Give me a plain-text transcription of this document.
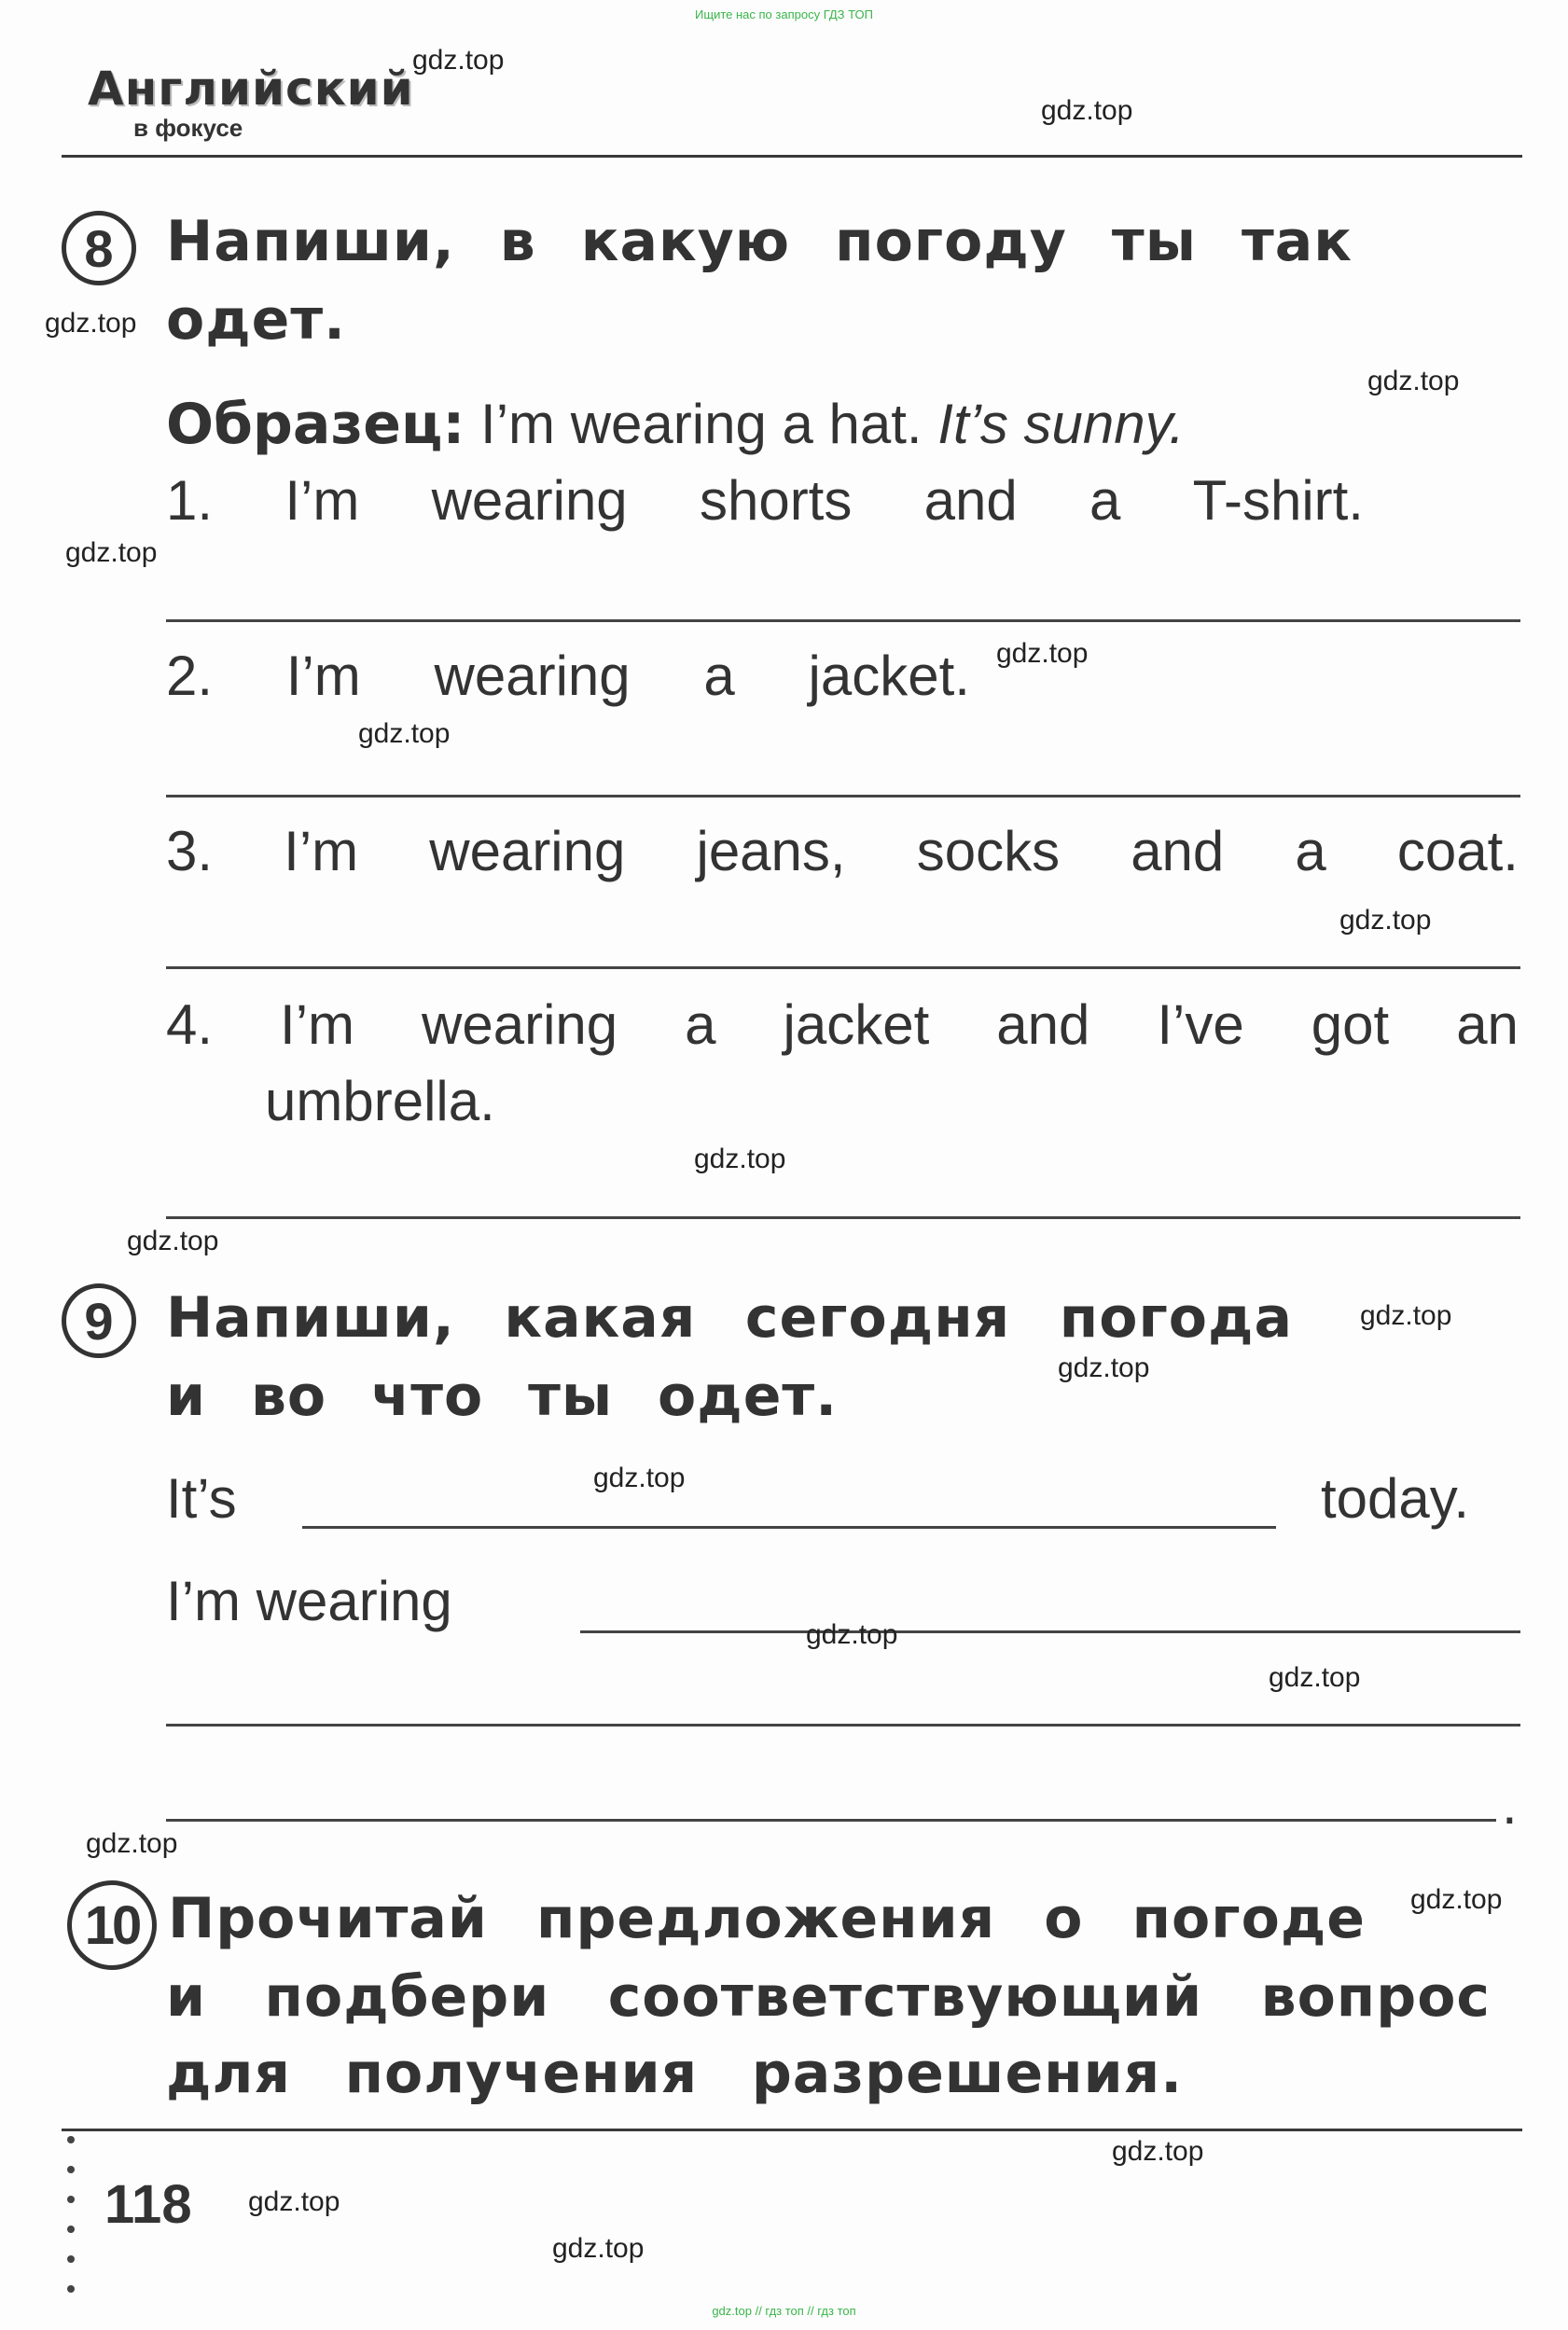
Ищите нас по запросу ГДЗ ТОП
Английский
в фокусе
8 Напиши, в какую погоду ты так
одет.
Образец: I’m wearing a hat. It’s sunny.
1. I’m wearing shorts and a T-shirt.
2. I’m wearing a jacket.
3. I’m wearing jeans, socks and a coat.
4. I’m wearing a jacket and I’ve got an
umbrella.
9 Напиши, какая сегодня погода
и во что ты одет.
It’s	today.
I’m wearing
.
10 Прочитай предложения о погоде
и подбери соответствующий вопрос
для получения разрешения.
118
gdz.top
gdz.top
gdz.top
gdz.top
gdz.top
gdz.top
gdz.top
gdz.top
gdz.top
gdz.top
gdz.top
gdz.top
gdz.top
gdz.top
gdz.top
gdz.top
gdz.top
gdz.top
gdz.top
gdz.top
gdz.top // гдз топ // гдз топ
